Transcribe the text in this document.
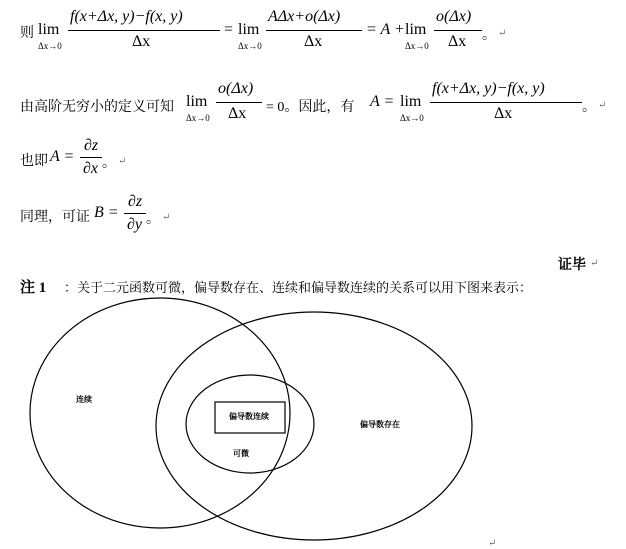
则 lim
Δx→0
f(x+Δx, y)−f(x, y)
Δx
= lim
Δx→0
AΔx+o(Δx)
Δx
= A + lim
Δx→0
o(Δx)
Δx 。 ↵
由高阶无穷小的定义可知 lim
Δx→0
o(Δx)
Δx = 0。因此，有 A = lim
Δx→0
f(x+Δx, y)−f(x, y)
Δx	。 ↵
也即 A =
∂z
∂x 。 ↵
同理，可证 B =
∂z
∂y 。 ↵
证毕 ↵
注 1 ：关于二元函数可微，偏导数存在、连续和偏导数连续的关系可以用下图来表示：
连续
偏导数存在
可微
偏导数连续
↵
